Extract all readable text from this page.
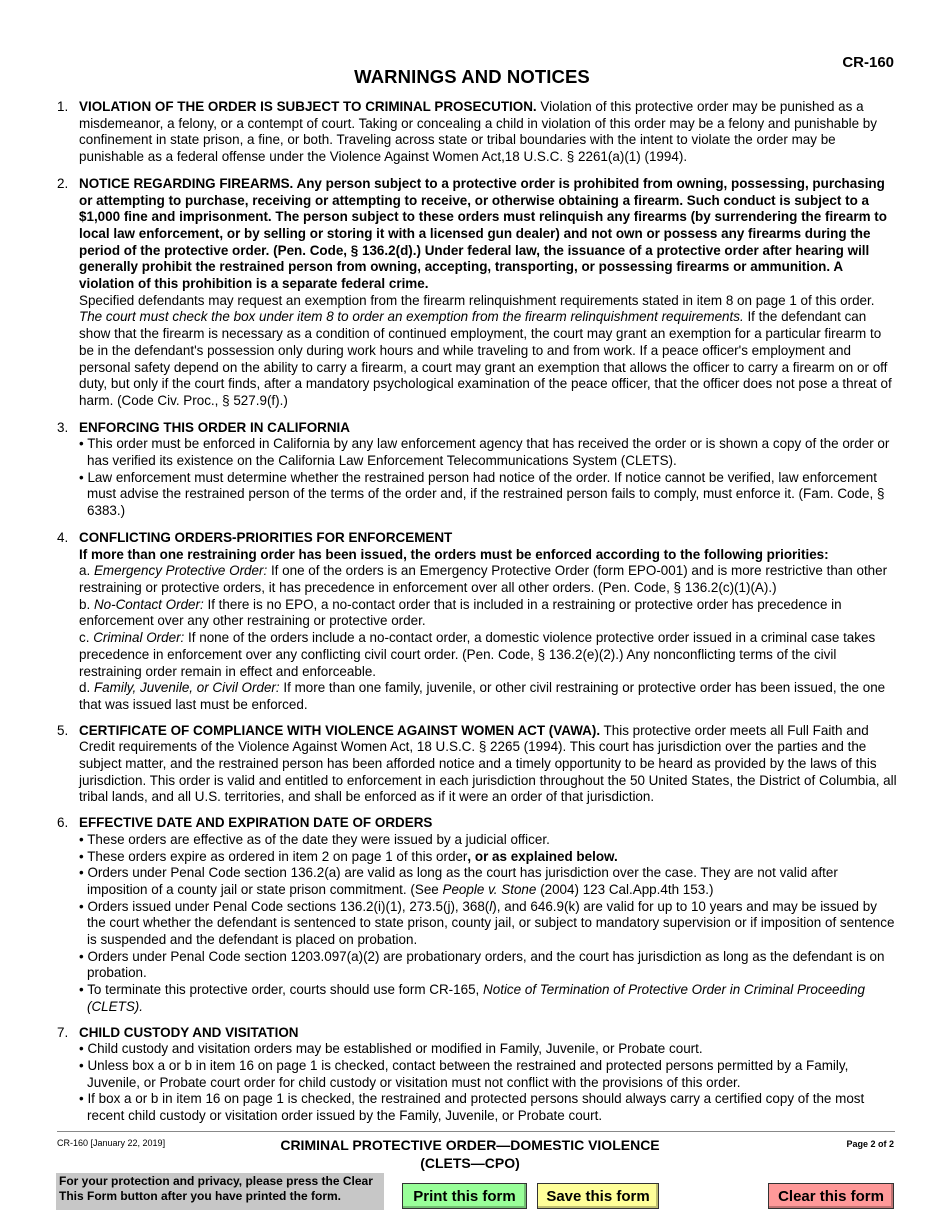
CR-160
WARNINGS AND NOTICES
1. VIOLATION OF THE ORDER IS SUBJECT TO CRIMINAL PROSECUTION. Violation of this protective order may be punished as a misdemeanor, a felony, or a contempt of court. Taking or concealing a child in violation of this order may be a felony and punishable by confinement in state prison, a fine, or both. Traveling across state or tribal boundaries with the intent to violate the order may be punishable as a federal offense under the Violence Against Women Act,18 U.S.C. § 2261(a)(1) (1994).
2. NOTICE REGARDING FIREARMS. Any person subject to a protective order is prohibited from owning, possessing, purchasing or attempting to purchase, receiving or attempting to receive, or otherwise obtaining a firearm. Such conduct is subject to a $1,000 fine and imprisonment. The person subject to these orders must relinquish any firearms (by surrendering the firearm to local law enforcement, or by selling or storing it with a licensed gun dealer) and not own or possess any firearms during the period of the protective order. (Pen. Code, § 136.2(d).) Under federal law, the issuance of a protective order after hearing will generally prohibit the restrained person from owning, accepting, transporting, or possessing firearms or ammunition. A violation of this prohibition is a separate federal crime.
Specified defendants may request an exemption from the firearm relinquishment requirements stated in item 8 on page 1 of this order. The court must check the box under item 8 to order an exemption from the firearm relinquishment requirements. If the defendant can show that the firearm is necessary as a condition of continued employment, the court may grant an exemption for a particular firearm to be in the defendant's possession only during work hours and while traveling to and from work. If a peace officer's employment and personal safety depend on the ability to carry a firearm, a court may grant an exemption that allows the officer to carry a firearm on or off duty, but only if the court finds, after a mandatory psychological examination of the peace officer, that the officer does not pose a threat of harm. (Code Civ. Proc., § 527.9(f).)
3. ENFORCING THIS ORDER IN CALIFORNIA
• This order must be enforced in California by any law enforcement agency that has received the order or is shown a copy of the order or has verified its existence on the California Law Enforcement Telecommunications System (CLETS).
• Law enforcement must determine whether the restrained person had notice of the order. If notice cannot be verified, law enforcement must advise the restrained person of the terms of the order and, if the restrained person fails to comply, must enforce it. (Fam. Code, § 6383.)
4. CONFLICTING ORDERS-PRIORITIES FOR ENFORCEMENT
If more than one restraining order has been issued, the orders must be enforced according to the following priorities:
a. Emergency Protective Order: If one of the orders is an Emergency Protective Order (form EPO-001) and is more restrictive than other restraining or protective orders, it has precedence in enforcement over all other orders. (Pen. Code, § 136.2(c)(1)(A).)
b. No-Contact Order: If there is no EPO, a no-contact order that is included in a restraining or protective order has precedence in enforcement over any other restraining or protective order.
c. Criminal Order: If none of the orders include a no-contact order, a domestic violence protective order issued in a criminal case takes precedence in enforcement over any conflicting civil court order. (Pen. Code, § 136.2(e)(2).) Any nonconflicting terms of the civil restraining order remain in effect and enforceable.
d. Family, Juvenile, or Civil Order: If more than one family, juvenile, or other civil restraining or protective order has been issued, the one that was issued last must be enforced.
5. CERTIFICATE OF COMPLIANCE WITH VIOLENCE AGAINST WOMEN ACT (VAWA). This protective order meets all Full Faith and Credit requirements of the Violence Against Women Act, 18 U.S.C. § 2265 (1994). This court has jurisdiction over the parties and the subject matter, and the restrained person has been afforded notice and a timely opportunity to be heard as provided by the laws of this jurisdiction. This order is valid and entitled to enforcement in each jurisdiction throughout the 50 United States, the District of Columbia, all tribal lands, and all U.S. territories, and shall be enforced as if it were an order of that jurisdiction.
6. EFFECTIVE DATE AND EXPIRATION DATE OF ORDERS
• These orders are effective as of the date they were issued by a judicial officer.
• These orders expire as ordered in item 2 on page 1 of this order, or as explained below.
• Orders under Penal Code section 136.2(a) are valid as long as the court has jurisdiction over the case. They are not valid after imposition of a county jail or state prison commitment. (See People v. Stone (2004) 123 Cal.App.4th 153.)
• Orders issued under Penal Code sections 136.2(i)(1), 273.5(j), 368(l), and 646.9(k) are valid for up to 10 years and may be issued by the court whether the defendant is sentenced to state prison, county jail, or subject to mandatory supervision or if imposition of sentence is suspended and the defendant is placed on probation.
• Orders under Penal Code section 1203.097(a)(2) are probationary orders, and the court has jurisdiction as long as the defendant is on probation.
• To terminate this protective order, courts should use form CR-165, Notice of Termination of Protective Order in Criminal Proceeding (CLETS).
7. CHILD CUSTODY AND VISITATION
• Child custody and visitation orders may be established or modified in Family, Juvenile, or Probate court.
• Unless box a or b in item 16 on page 1 is checked, contact between the restrained and protected persons permitted by a Family, Juvenile, or Probate court order for child custody or visitation must not conflict with the provisions of this order.
• If box a or b in item 16 on page 1 is checked, the restrained and protected persons should always carry a certified copy of the most recent child custody or visitation order issued by the Family, Juvenile, or Probate court.
CR-160 [January 22, 2019]	CRIMINAL PROTECTIVE ORDER—DOMESTIC VIOLENCE
(CLETS—CPO)
Page 2 of 2
For your protection and privacy, please press the Clear This Form button after you have printed the form.	Print this form	Save this form	Clear this form
